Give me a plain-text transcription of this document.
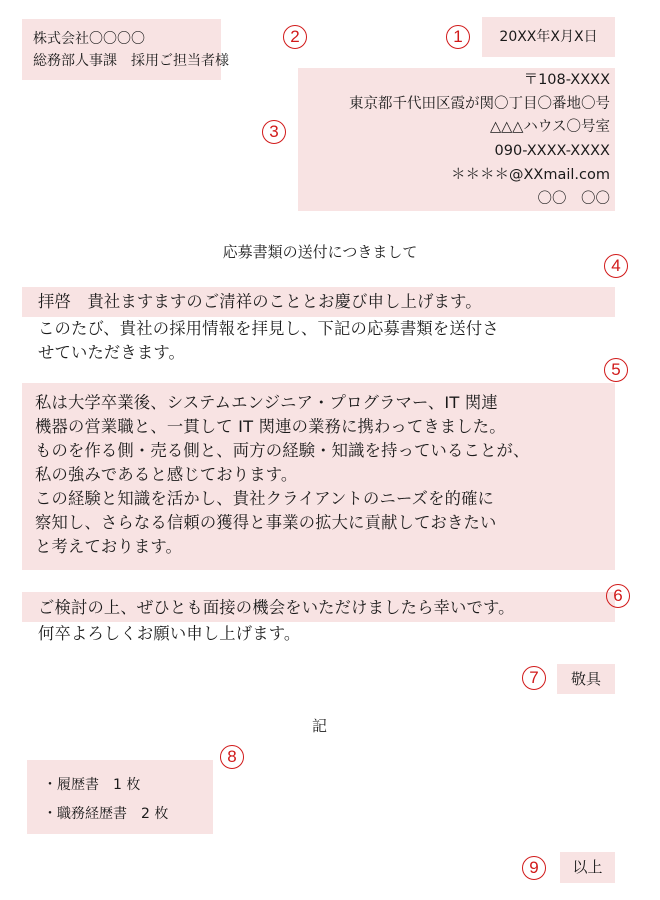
株式会社〇〇〇〇
総務部人事課　採用ご担当者様
2	1	20XX年X月X日
3
〒108-XXXX
東京都千代田区霞が関〇丁目〇番地〇号
△△△ハウス〇号室
090-XXXX-XXXX
＊＊＊＊@XXmail.com
〇〇　〇〇
応募書類の送付につきまして
4
拝啓　貴社ますますのご清祥のこととお慶び申し上げます。
このたび、貴社の採用情報を拝見し、下記の応募書類を送付さ
せていただきます。
5
私は大学卒業後、システムエンジニア・プログラマー、IT 関連
機器の営業職と、一貫して IT 関連の業務に携わってきました。
ものを作る側・売る側と、両方の経験・知識を持っていることが、
私の強みであると感じております。
この経験と知識を活かし、貴社クライアントのニーズを的確に
察知し、さらなる信頼の獲得と事業の拡大に貢献しておきたい
と考えております。
6
ご検討の上、ぜひとも面接の機会をいただけましたら幸いです。
何卒よろしくお願い申し上げます。
7	敬具
記
8
・履歴書　1 枚
・職務経歴書　2 枚
9	以上
